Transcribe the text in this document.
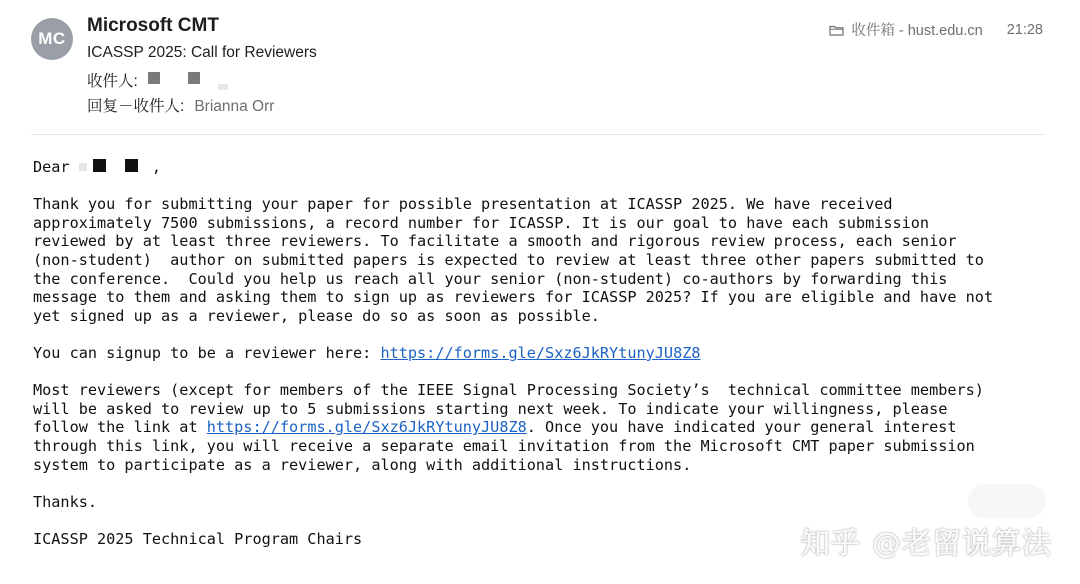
MC
Microsoft CMT
ICASSP 2025: Call for Reviewers
收件人:
回复－收件人: Brianna Orr
收件箱 - hust.edu.cn 21:28
Dear	,
Thank you for submitting your paper for possible presentation at ICASSP 2025. We have received
approximately 7500 submissions, a record number for ICASSP. It is our goal to have each submission
reviewed by at least three reviewers. To facilitate a smooth and rigorous review process, each senior
(non-student)  author on submitted papers is expected to review at least three other papers submitted to
the conference.  Could you help us reach all your senior (non-student) co-authors by forwarding this
message to them and asking them to sign up as reviewers for ICASSP 2025? If you are eligible and have not
yet signed up as a reviewer, please do so as soon as possible.
You can signup to be a reviewer here: https://forms.gle/Sxz6JkRYtunyJU8Z8
Most reviewers (except for members of the IEEE Signal Processing Society’s  technical committee members)
will be asked to review up to 5 submissions starting next week. To indicate your willingness, please
follow the link at https://forms.gle/Sxz6JkRYtunyJU8Z8. Once you have indicated your general interest
through this link, you will receive a separate email invitation from the Microsoft CMT paper submission
system to participate as a reviewer, along with additional instructions.
Thanks.
ICASSP 2025 Technical Program Chairs	知乎 @老留说算法
